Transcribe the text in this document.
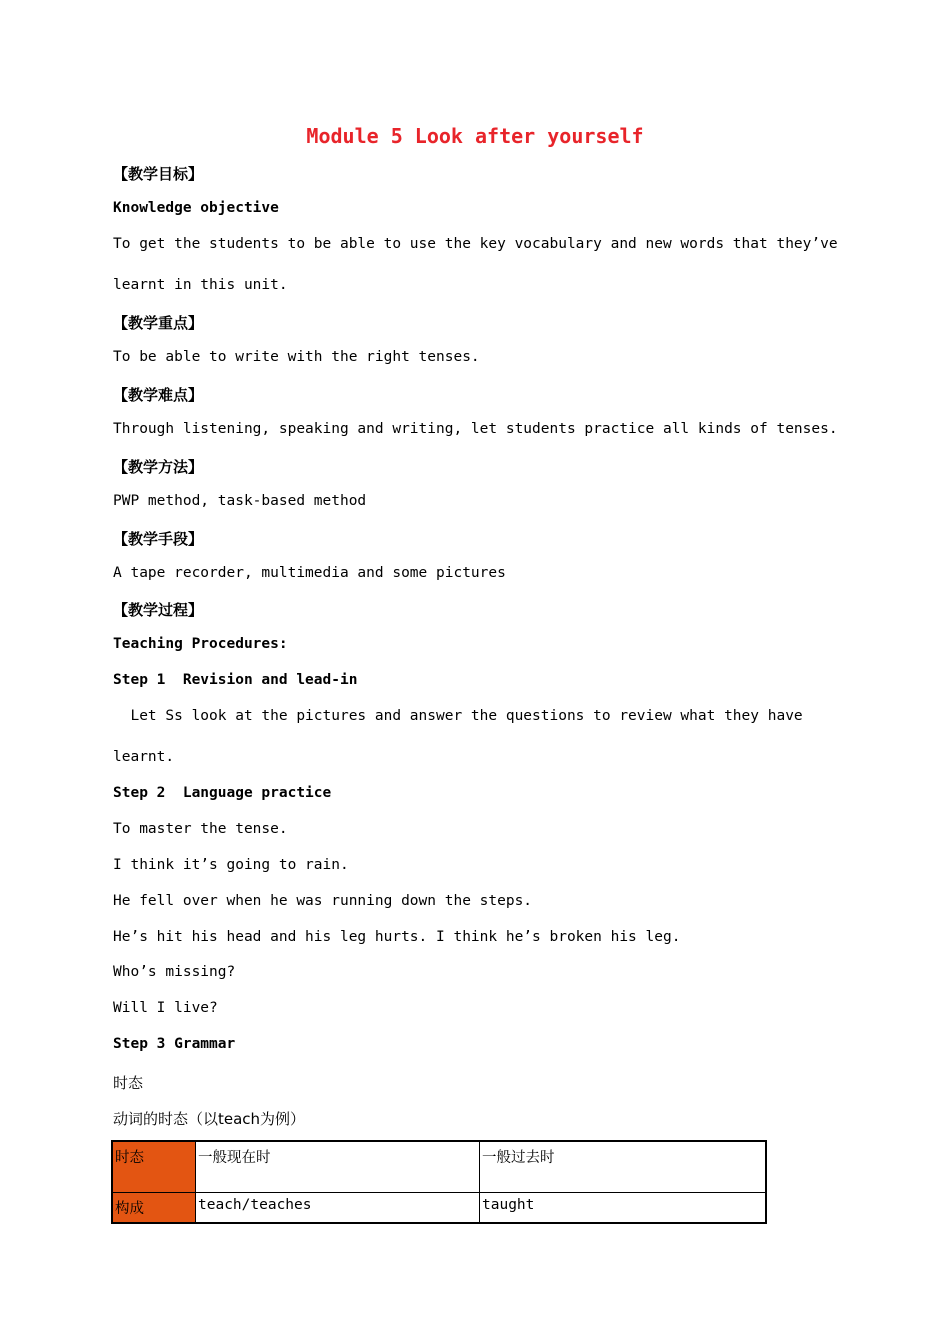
Module 5 Look after yourself
【教学目标】
Knowledge objective
To get the students to be able to use the key vocabulary and new words that they’ve
learnt in this unit.
【教学重点】
To be able to write with the right tenses.
【教学难点】
Through listening, speaking and writing, let students practice all kinds of tenses.
【教学方法】
PWP method, task-based method
【教学手段】
A tape recorder, multimedia and some pictures
【教学过程】
Teaching Procedures:
Step 1  Revision and lead-in
Let Ss look at the pictures and answer the questions to review what they have
learnt.
Step 2  Language practice
To master the tense.
I think it’s going to rain.
He fell over when he was running down the steps.
He’s hit his head and his leg hurts. I think he’s broken his leg.
Who’s missing?
Will I live?
Step 3 Grammar
时态
动词的时态（以teach为例）
时态	一般现在时	一般过去时
构成	teach/teaches	taught
